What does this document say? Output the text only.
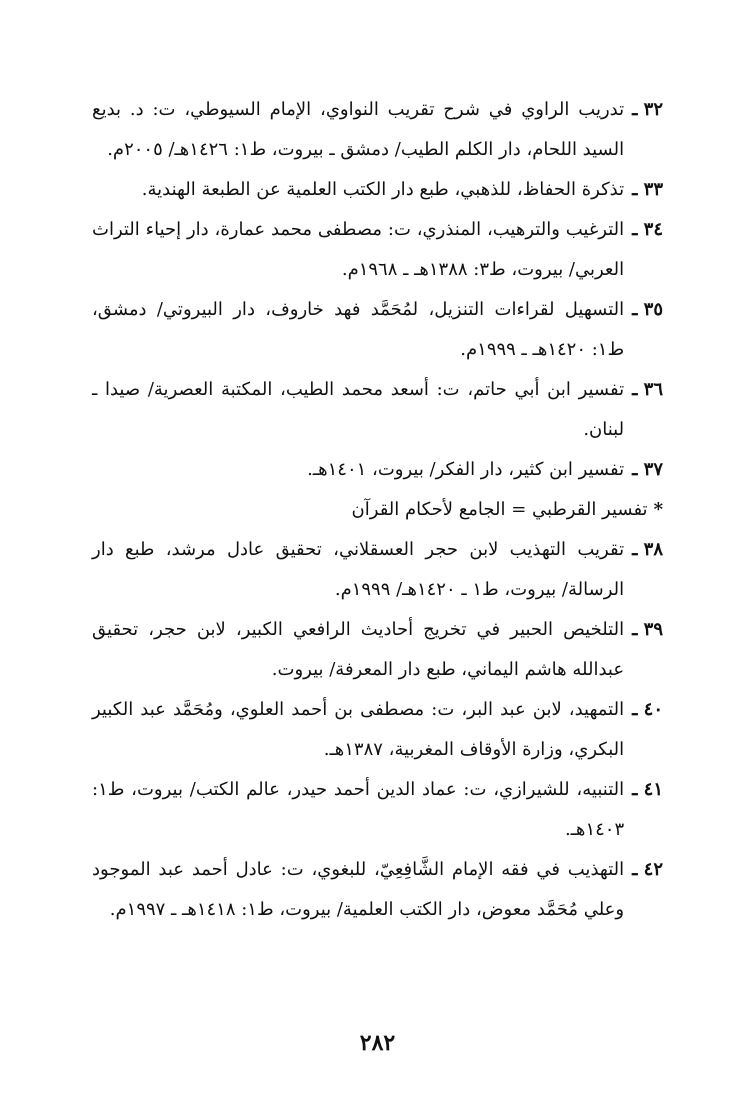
٣٢ ـ
تدريب الراوي في شرح تقريب النواوي، الإمام السيوطي، ت: د. بديع السيد اللحام، دار الكلم الطيب/ دمشق ـ بيروت، ط١: ١٤٢٦هـ/ ٢٠٠٥م.
٣٣ ـ
تذكرة الحفاظ، للذهبي، طبع دار الكتب العلمية عن الطبعة الهندية.
٣٤ ـ
الترغيب والترهيب، المنذري، ت: مصطفى محمد عمارة، دار إحياء التراث العربي/ بيروت، ط٣: ١٣٨٨هـ ـ ١٩٦٨م.
٣٥ ـ
التسهيل لقراءات التنزيل، لمُحَمَّد فهد خاروف، دار البيروتي/ دمشق، ط١: ١٤٢٠هـ ـ ١٩٩٩م.
٣٦ ـ
تفسير ابن أبي حاتم، ت: أسعد محمد الطيب، المكتبة العصرية/ صيدا ـ لبنان.
٣٧ ـ
تفسير ابن كثير، دار الفكر/ بيروت، ١٤٠١هـ.
*
تفسير القرطبي = الجامع لأحكام القرآن
٣٨ ـ
تقريب التهذيب لابن حجر العسقلاني، تحقيق عادل مرشد، طبع دار الرسالة/ بيروت، ط١ ـ ١٤٢٠هـ/ ١٩٩٩م.
٣٩ ـ
التلخيص الحبير في تخريج أحاديث الرافعي الكبير، لابن حجر، تحقيق عبدالله هاشم اليماني، طبع دار المعرفة/ بيروت.
٤٠ ـ
التمهيد، لابن عبد البر، ت: مصطفى بن أحمد العلوي، ومُحَمَّد عبد الكبير البكري، وزارة الأوقاف المغربية، ١٣٨٧هـ.
٤١ ـ
التنبيه، للشيرازي، ت: عماد الدين أحمد حيدر، عالم الكتب/ بيروت، ط١: ١٤٠٣هـ.
٤٢ ـ
التهذيب في فقه الإمام الشَّافِعِيّ، للبغوي، ت: عادل أحمد عبد الموجود وعلي مُحَمَّد معوض، دار الكتب العلمية/ بيروت، ط١: ١٤١٨هـ ـ ١٩٩٧م.
٢٨٢
